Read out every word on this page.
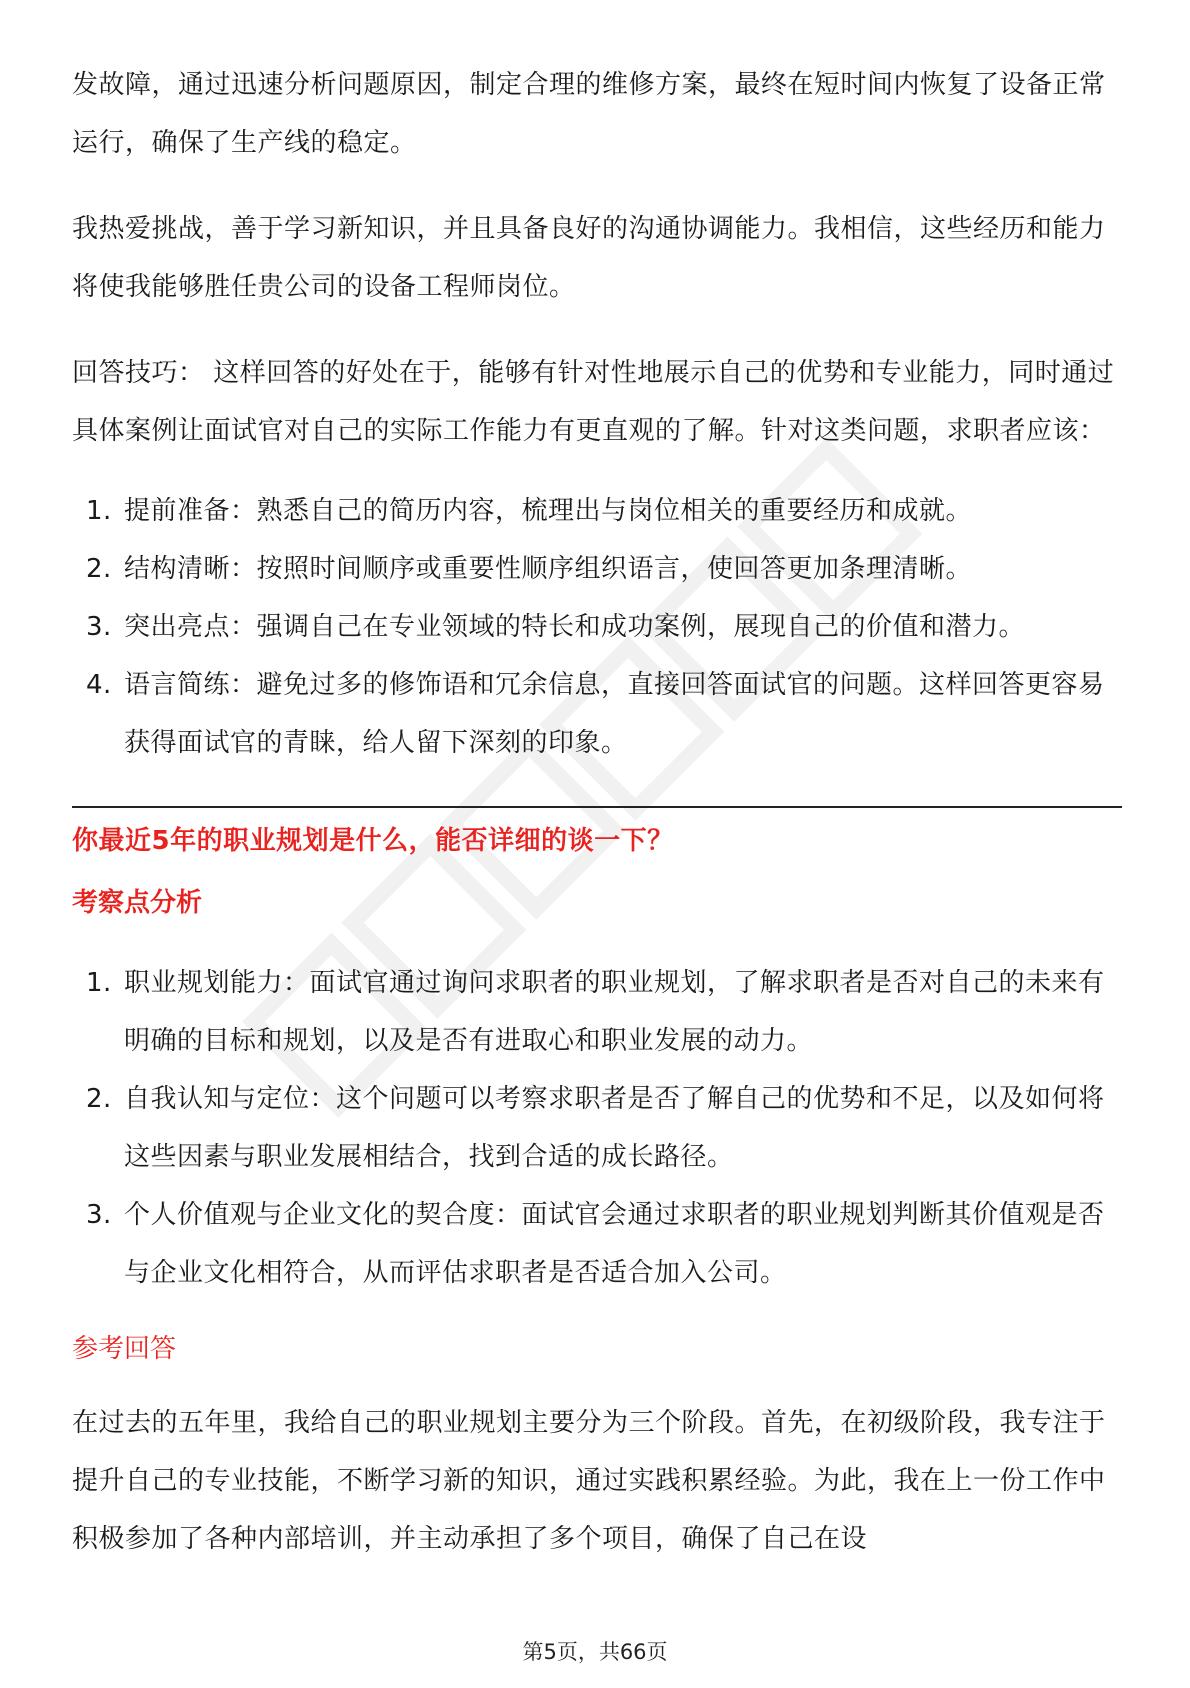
发故障，通过迅速分析问题原因，制定合理的维修方案，最终在短时间内恢复了设备正常运行，确保了生产线的稳定。

我热爱挑战，善于学习新知识，并且具备良好的沟通协调能力。我相信，这些经历和能力将使我能够胜任贵公司的设备工程师岗位。

回答技巧： 这样回答的好处在于，能够有针对性地展示自己的优势和专业能力，同时通过具体案例让面试官对自己的实际工作能力有更直观的了解。针对这类问题，求职者应该：

1. 提前准备：熟悉自己的简历内容，梳理出与岗位相关的重要经历和成就。
2. 结构清晰：按照时间顺序或重要性顺序组织语言，使回答更加条理清晰。
3. 突出亮点：强调自己在专业领域的特长和成功案例，展现自己的价值和潜力。
4. 语言简练：避免过多的修饰语和冗余信息，直接回答面试官的问题。这样回答更容易获得面试官的青睐，给人留下深刻的印象。

你最近5年的职业规划是什么，能否详细的谈一下？

考察点分析

1. 职业规划能力：面试官通过询问求职者的职业规划，了解求职者是否对自己的未来有明确的目标和规划，以及是否有进取心和职业发展的动力。
2. 自我认知与定位：这个问题可以考察求职者是否了解自己的优势和不足，以及如何将这些因素与职业发展相结合，找到合适的成长路径。
3. 个人价值观与企业文化的契合度：面试官会通过求职者的职业规划判断其价值观是否与企业文化相符合，从而评估求职者是否适合加入公司。

参考回答

在过去的五年里，我给自己的职业规划主要分为三个阶段。首先，在初级阶段，我专注于提升自己的专业技能，不断学习新的知识，通过实践积累经验。为此，我在上一份工作中积极参加了各种内部培训，并主动承担了多个项目，确保了自己在设

第5页，共66页
